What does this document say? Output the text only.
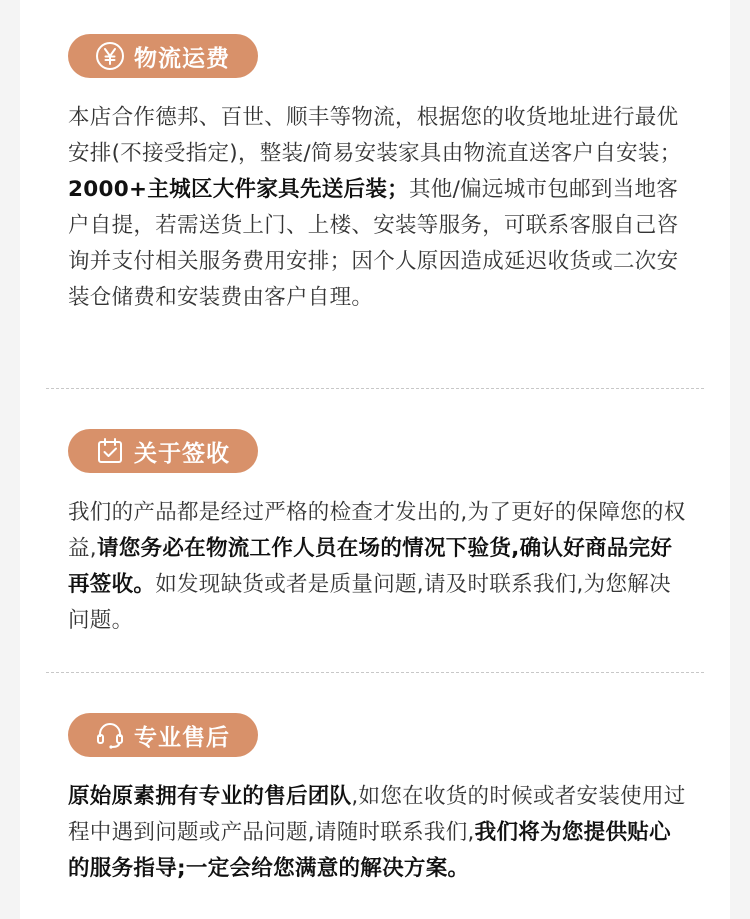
物流运费
本店合作德邦、百世、顺丰等物流，根据您的收货地址进行最优安排(不接受指定)，整装/简易安装家具由物流直送客户自安装；2000+主城区大件家具先送后装；其他/偏远城市包邮到当地客户自提，若需送货上门、上楼、安装等服务，可联系客服自己咨询并支付相关服务费用安排；因个人原因造成延迟收货或二次安装仓储费和安装费由客户自理。
关于签收
我们的产品都是经过严格的检查才发出的,为了更好的保障您的权益,请您务必在物流工作人员在场的情况下验货,确认好商品完好再签收。如发现缺货或者是质量问题,请及时联系我们,为您解决问题。
专业售后
原始原素拥有专业的售后团队,如您在收货的时候或者安装使用过程中遇到问题或产品问题,请随时联系我们,我们将为您提供贴心的服务指导;一定会给您满意的解决方案。
